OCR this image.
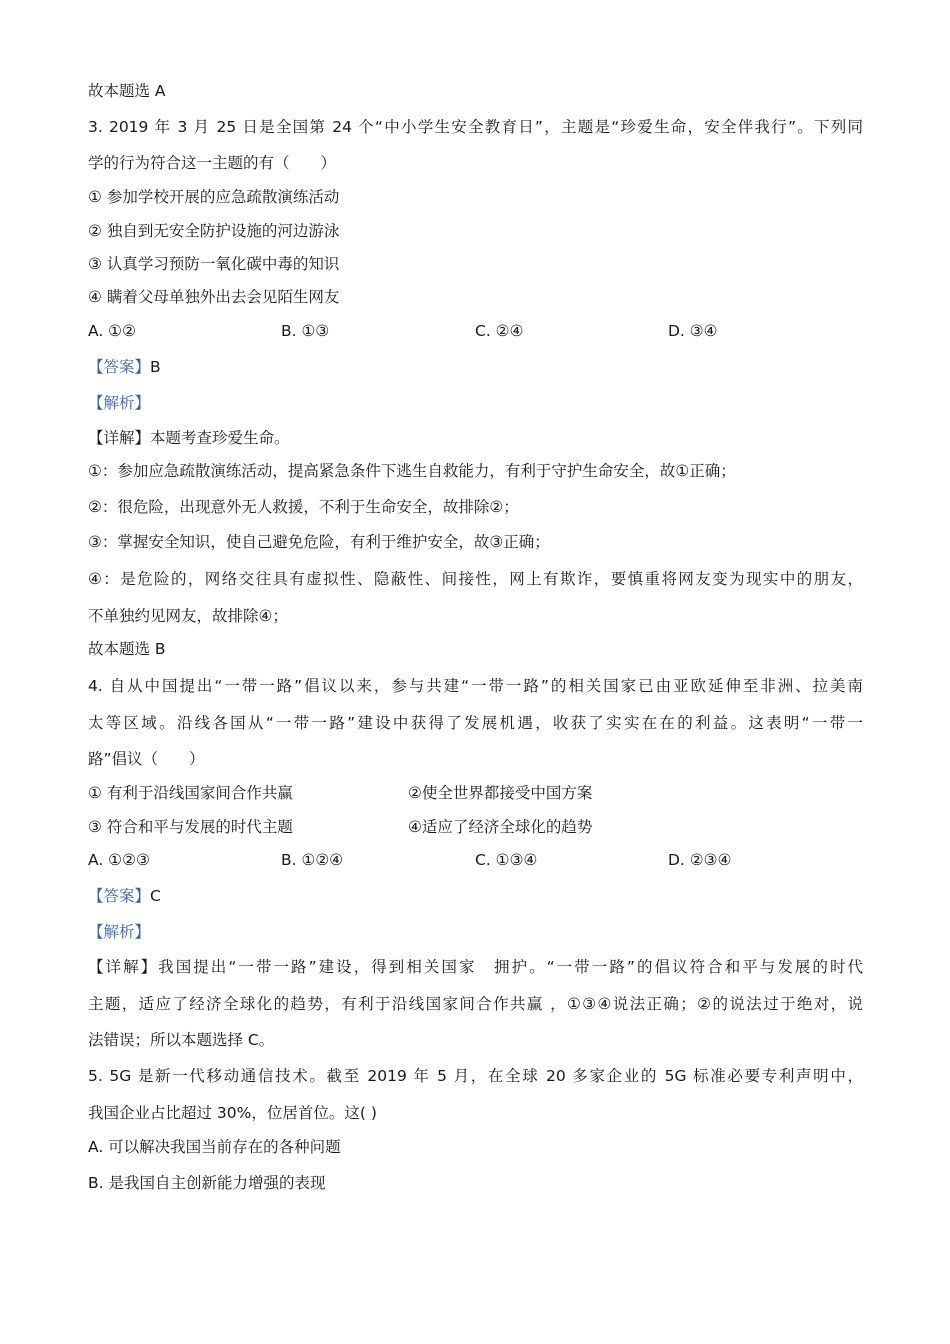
故本题选 A
3. 2019 年 3 月 25 日是全国第 24 个“中小学生安全教育日”，主题是“珍爱生命，安全伴我行”。下列同
学的行为符合这一主题的有（　　）
① 参加学校开展的应急疏散演练活动
② 独自到无安全防护设施的河边游泳
③ 认真学习预防一氧化碳中毒的知识
④ 瞒着父母单独外出去会见陌生网友
A. ①②	B. ①③	C. ②④	D. ③④
【答案】B
【解析】
【详解】本题考查珍爱生命。
①：参加应急疏散演练活动，提高紧急条件下逃生自救能力，有利于守护生命安全，故①正确；
②：很危险，出现意外无人救援，不利于生命安全，故排除②；
③：掌握安全知识，使自己避免危险，有利于维护安全，故③正确；
④：是危险的，网络交往具有虚拟性、隐蔽性、间接性，网上有欺诈，要慎重将网友变为现实中的朋友，
不单独约见网友，故排除④；
故本题选 B
4. 自从中国提出“一带一路”倡议以来，参与共建“一带一路”的相关国家已由亚欧延伸至非洲、拉美南
太等区域。沿线各国从“一带一路”建设中获得了发展机遇，收获了实实在在的利益。这表明“一带一
路”倡议（　　）
① 有利于沿线国家间合作共赢	②使全世界都接受中国方案
③ 符合和平与发展的时代主题	④适应了经济全球化的趋势
A. ①②③	B. ①②④	C. ①③④	D. ②③④
【答案】C
【解析】
【详解】我国提出“一带一路”建设，得到相关国家　拥护。“一带一路”的倡议符合和平与发展的时代
主题，适应了经济全球化的趋势，有利于沿线国家间合作共赢 ，①③④说法正确；②的说法过于绝对，说
法错误；所以本题选择 C。
5. 5G 是新一代移动通信技术。截至 2019 年 5 月，在全球 20 多家企业的 5G 标准必要专利声明中，
我国企业占比超过 30%，位居首位。这( )
A. 可以解决我国当前存在的各种问题
B. 是我国自主创新能力增强的表现
